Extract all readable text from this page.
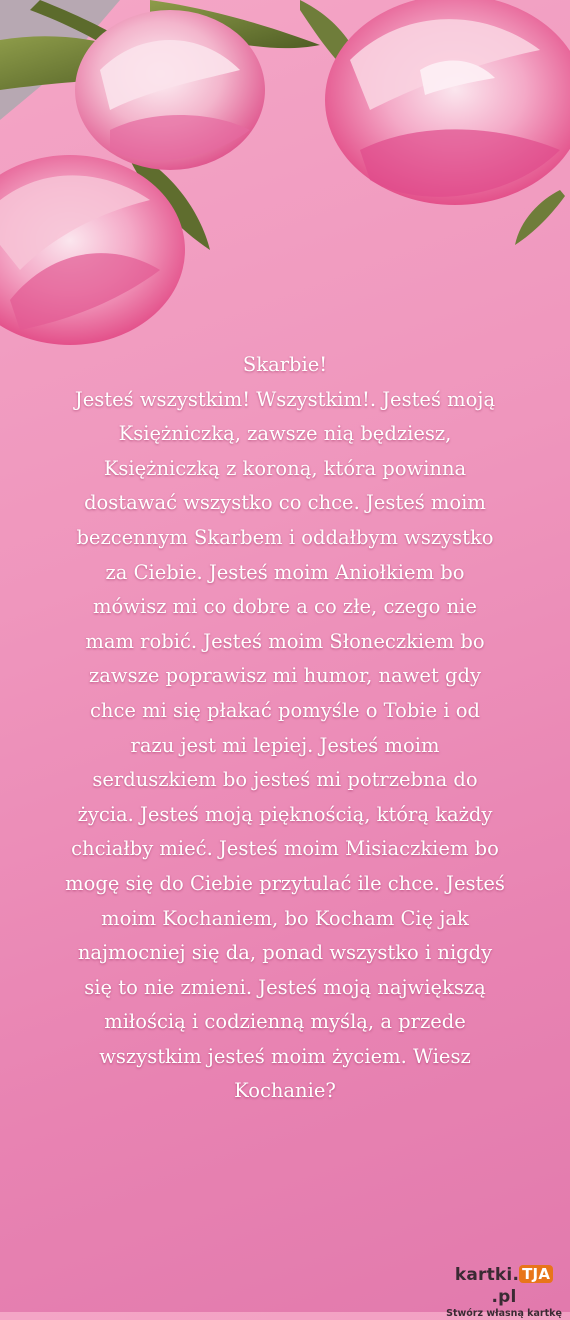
Skarbie!
Jesteś wszystkim! Wszystkim!. Jesteś moją
Księżniczką, zawsze nią będziesz,
Księżniczką z koroną, która powinna
dostawać wszystko co chce. Jesteś moim
bezcennym Skarbem i oddałbym wszystko
za Ciebie. Jesteś moim Aniołkiem bo
mówisz mi co dobre a co złe, czego nie
mam robić. Jesteś moim Słoneczkiem bo
zawsze poprawisz mi humor, nawet gdy
chce mi się płakać pomyśle o Tobie i od
razu jest mi lepiej. Jesteś moim
serduszkiem bo jesteś mi potrzebna do
życia. Jesteś moją pięknością, którą każdy
chciałby mieć. Jesteś moim Misiaczkiem bo
mogę się do Ciebie przytulać ile chce. Jesteś
moim Kochaniem, bo Kocham Cię jak
najmocniej się da, ponad wszystko i nigdy
się to nie zmieni. Jesteś moją największą
miłością i codzienną myślą, a przede
wszystkim jesteś moim życiem. Wiesz
Kochanie?
kartki. TJA.pl
Stwórz własną kartkę
